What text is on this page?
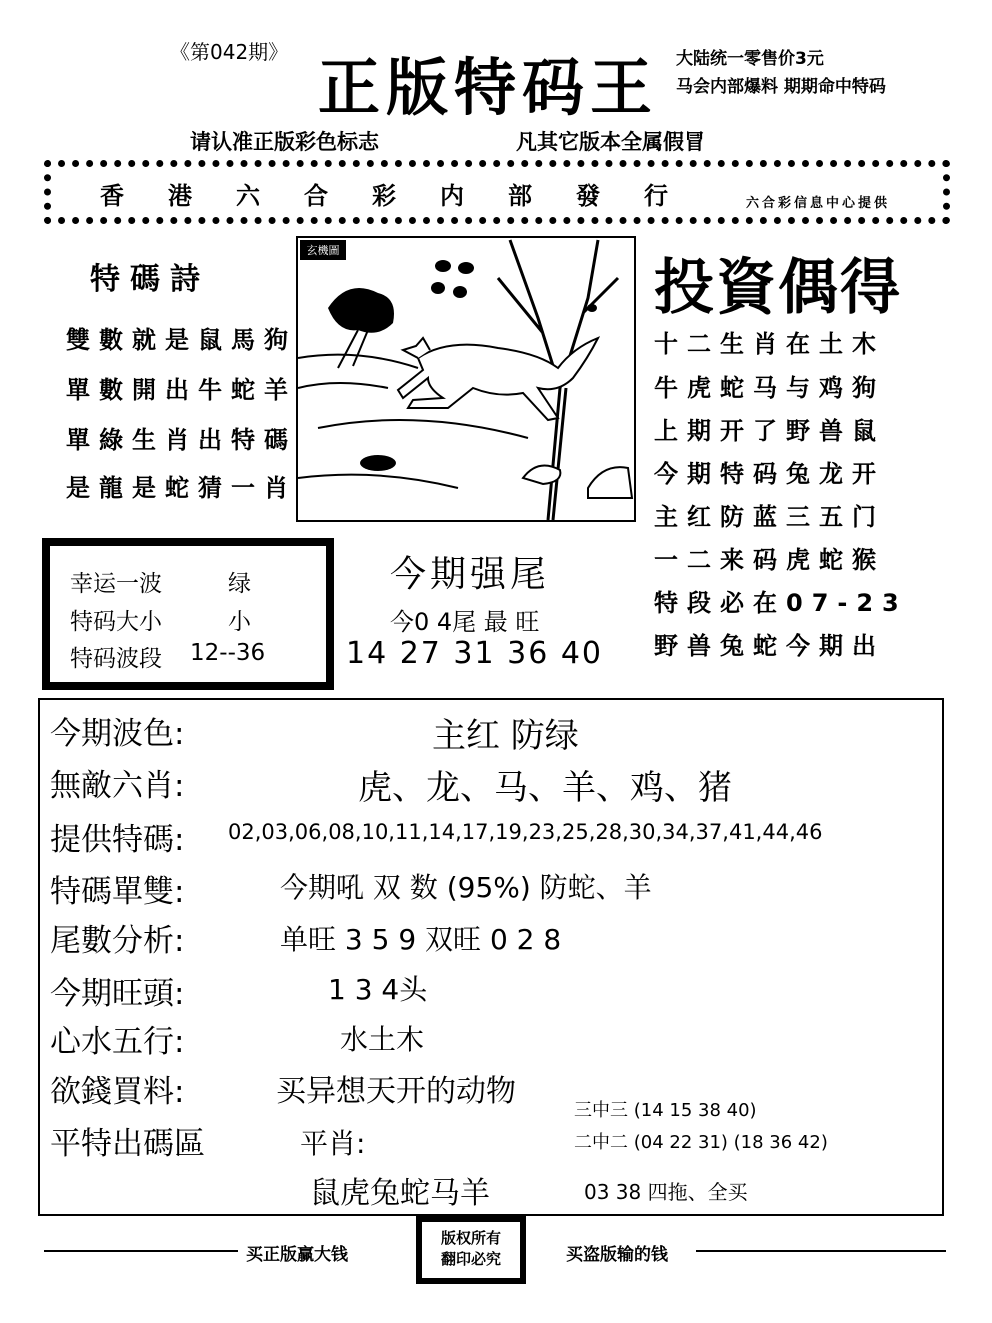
《第042期》 正版特码王 大陆统一零售价3元
马会内部爆料 期期命中特码
请认准正版彩色标志	凡其它版本全属假冒
香港六合彩内部發行	六合彩信息中心提供
特碼詩
雙數就是鼠馬狗
單數開出牛蛇羊
單綠生肖出特碼
是龍是蛇猜一肖
玄機圖
投資偶得
十二生肖在土木
牛虎蛇马与鸡狗
上期开了野兽鼠
今期特码兔龙开
主红防蓝三五门
一二来码虎蛇猴
特段必在07-23
野兽兔蛇今期出
幸运一波	绿
特码大小	小
特码波段 12--36
今期强尾
今0 4尾 最 旺
14 27 31 36 40
今期波色:	主红 防绿
無敵六肖:	虎、龙、马、羊、鸡、猪
提供特碼: 02,03,06,08,10,11,14,17,19,23,25,28,30,34,37,41,44,46
特碼單雙:	今期吼 双 数 (95%) 防蛇、羊
尾數分析:	单旺 3 5 9 双旺 0 2 8
今期旺頭:	1 3 4头
心水五行:	水土木
欲錢買料:	买异想天开的动物
平特出碼區	平肖:
三中三 (14 15 38 40)
二中二 (04 22 31) (18 36 42)
03 38 四拖、全买
鼠虎兔蛇马羊
买正版赢大钱
版权所有
翻印必究	买盗版输的钱
